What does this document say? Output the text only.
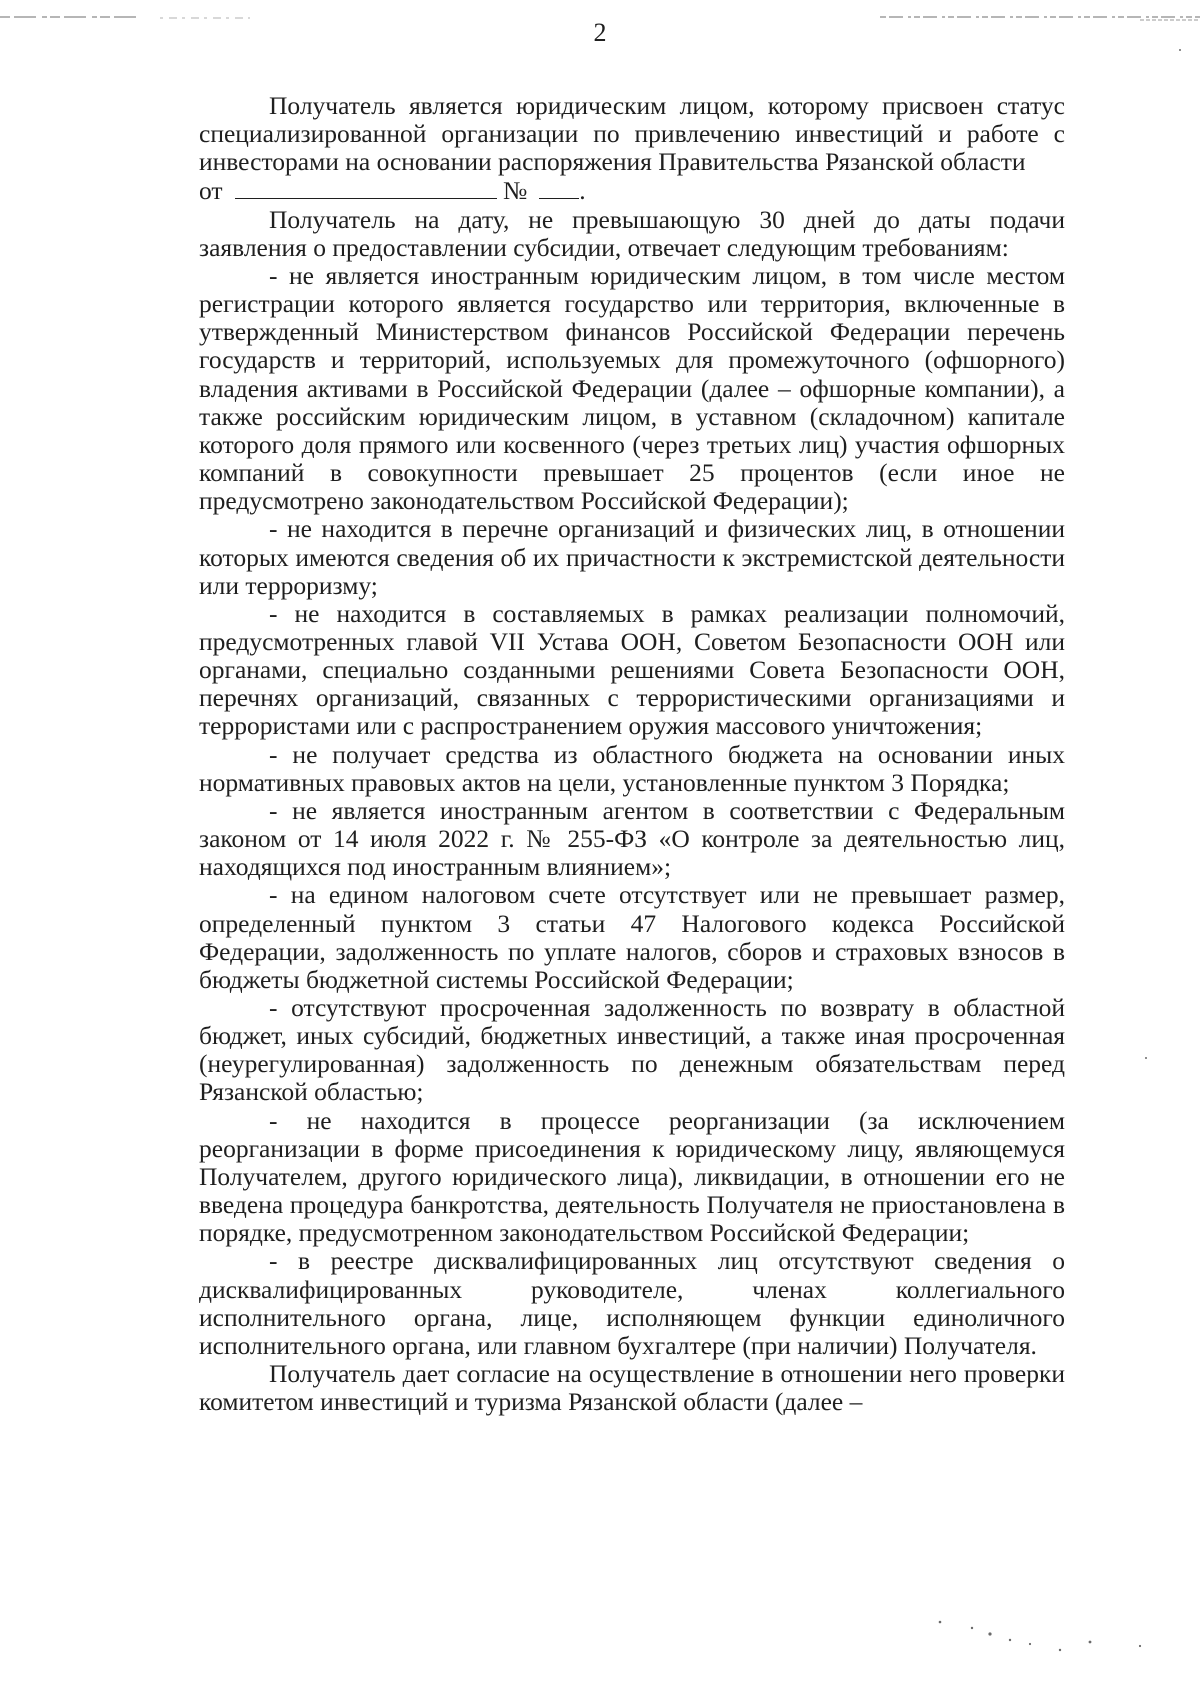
2

Получатель является юридическим лицом, которому присвоен статус специализированной организации по привлечению инвестиций и работе с инвесторами на основании распоряжения Правительства Рязанской области

от	№ .

Получатель на дату, не превышающую 30 дней до даты подачи заявления о предоставлении субсидии, отвечает следующим требованиям:

- не является иностранным юридическим лицом, в том числе местом регистрации которого является государство или территория, включенные в утвержденный Министерством финансов Российской Федерации перечень государств и территорий, используемых для промежуточного (офшорного) владения активами в Российской Федерации (далее – офшорные компании), а также российским юридическим лицом, в уставном (складочном) капитале которого доля прямого или косвенного (через третьих лиц) участия офшорных компаний в совокупности превышает 25 процентов (если иное не предусмотрено законодательством Российской Федерации);

- не находится в перечне организаций и физических лиц, в отношении которых имеются сведения об их причастности к экстремистской деятельности или терроризму;

- не находится в составляемых в рамках реализации полномочий, предусмотренных главой VII Устава ООН, Советом Безопасности ООН или органами, специально созданными решениями Совета Безопасности ООН, перечнях организаций, связанных с террористическими организациями и террористами или с распространением оружия массового уничтожения;

- не получает средства из областного бюджета на основании иных нормативных правовых актов на цели, установленные пунктом 3 Порядка;

- не является иностранным агентом в соответствии с Федеральным законом от 14 июля 2022 г. № 255-ФЗ «О контроле за деятельностью лиц, находящихся под иностранным влиянием»;

- на едином налоговом счете отсутствует или не превышает размер, определенный пунктом 3 статьи 47 Налогового кодекса Российской Федерации, задолженность по уплате налогов, сборов и страховых взносов в бюджеты бюджетной системы Российской Федерации;

- отсутствуют просроченная задолженность по возврату в областной бюджет, иных субсидий, бюджетных инвестиций, а также иная просроченная (неурегулированная) задолженность по денежным обязательствам перед Рязанской областью;

- не находится в процессе реорганизации (за исключением реорганизации в форме присоединения к юридическому лицу, являющемуся Получателем, другого юридического лица), ликвидации, в отношении его не введена процедура банкротства, деятельность Получателя не приостановлена в порядке, предусмотренном законодательством Российской Федерации;

- в реестре дисквалифицированных лиц отсутствуют сведения о дисквалифицированных руководителе, членах коллегиального исполнительного органа, лице, исполняющем функции единоличного исполнительного органа, или главном бухгалтере (при наличии) Получателя.

Получатель дает согласие на осуществление в отношении него проверки комитетом инвестиций и туризма Рязанской области (далее –
